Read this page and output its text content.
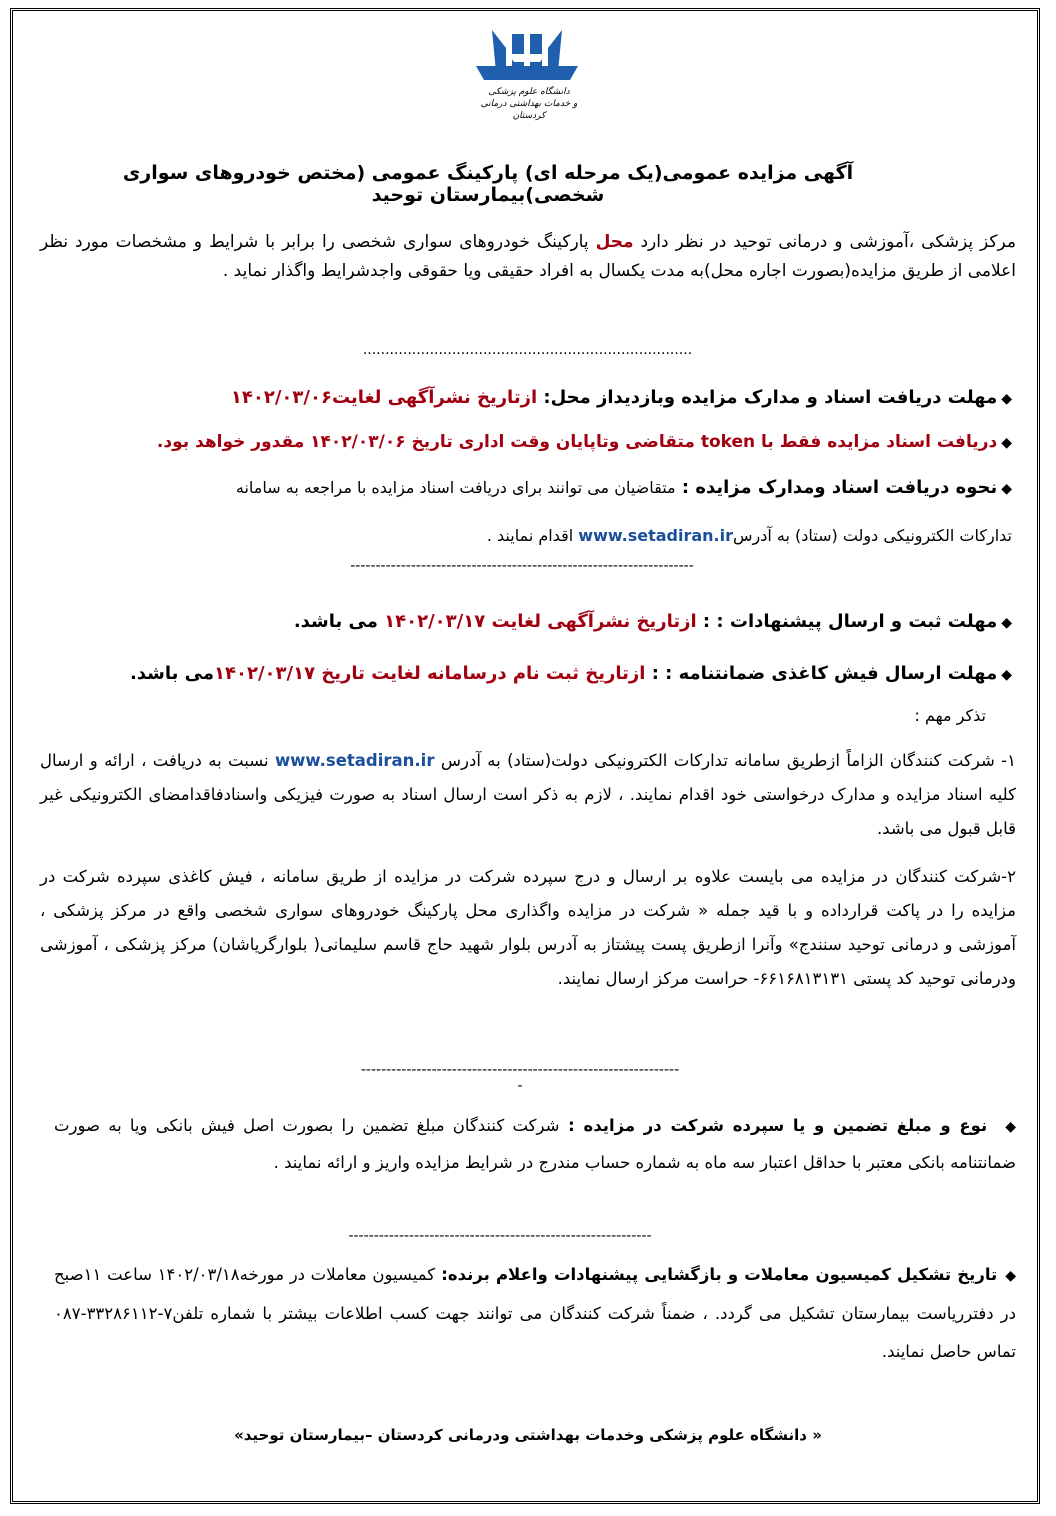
دانشگاه علوم پزشکی
و خدمات بهداشتی درمانی کردستان
آگهی مزایده عمومی(یک مرحله ای) پارکینگ عمومی (مختص خودروهای سواری شخصی)بیمارستان توحید
مرکز پزشکی ،آموزشی و درمانی توحید در نظر دارد محل پارکینگ خودروهای سواری شخصی را برابر با شرایط و مشخصات مورد نظر اعلامی از طریق مزایده(بصورت اجاره محل)به مدت یکسال به افراد حقیقی ویا حقوقی واجدشرایط واگذار نماید .
..........................................................................
◆مهلت دریافت اسناد و مدارک مزایده وبازدیداز محل: ازتاریخ نشرآگهی لغایت۱۴۰۲/۰۳/۰۶
◆دریافت اسناد مزایده فقط با token متقاضی وتاپایان وقت اداری تاریخ ۱۴۰۲/۰۳/۰۶ مقدور خواهد بود.
◆نحوه دریافت اسناد ومدارک مزایده : متقاضیان می توانند برای دریافت اسناد مزایده با مراجعه به سامانه
تدارکات الکترونیکی دولت (ستاد) به آدرسwww.setadiran.ir اقدام نمایند .
--------------------------------------------------------------------
◆مهلت ثبت و ارسال پیشنهادات : : ازتاریخ نشرآگهی لغایت ۱۴۰۲/۰۳/۱۷ می باشد.
◆مهلت ارسال فیش کاغذی ضمانتنامه : : ازتاریخ ثبت نام درسامانه لغایت تاریخ ۱۴۰۲/۰۳/۱۷می باشد.
تذکر مهم :
۱- شرکت کنندگان الزاماً ازطریق سامانه تدارکات الکترونیکی دولت(ستاد) به آدرس www.setadiran.ir نسبت به دریافت ، ارائه و ارسال کلیه اسناد مزایده و مدارک درخواستی خود اقدام نمایند. ، لازم به ذکر است ارسال اسناد به صورت فیزیکی واسنادفاقدامضای الکترونیکی غیر قابل قبول می باشد.
۲-شرکت کنندگان در مزایده می بایست علاوه بر ارسال و درج سپرده شرکت در مزایده از طریق سامانه ، فیش کاغذی سپرده شرکت در مزایده را در پاکت قرارداده و با قید جمله « شرکت در مزایده واگذاری محل پارکینگ خودروهای سواری شخصی واقع در مرکز پزشکی ، آموزشی و درمانی توحید سنندج» وآنرا ازطریق پست پیشتاز به آدرس بلوار شهید حاج قاسم سلیمانی( بلوارگریاشان) مرکز پزشکی ، آموزشی ودرمانی توحید کد پستی ۶۶۱۶۸۱۳۱۳۱- حراست مرکز ارسال نمایند.
----------------------------------------------------------------
◆نوع و مبلغ تضمین و یا سپرده شرکت در مزایده : شرکت کنندگان مبلغ تضمین را بصورت اصل فیش بانکی ویا به صورت ضمانتنامه بانکی معتبر با حداقل اعتبار سه ماه به شماره حساب مندرج در شرایط مزایده واریز و ارائه نمایند .
------------------------------------------------------------
◆تاریخ تشکیل کمیسیون معاملات و بازگشایی پیشنهادات واعلام برنده: کمیسیون معاملات در مورخه۱۴۰۲/۰۳/۱۸ ساعت ۱۱صبح در دفترریاست بیمارستان تشکیل می گردد. ، ضمناً شرکت کنندگان می توانند جهت کسب اطلاعات بیشتر با شماره تلفن۷-۳۳۲۸۶۱۱۲-۰۸۷ تماس حاصل نمایند.
« دانشگاه علوم پزشکی وخدمات بهداشتی ودرمانی کردستان –بیمارستان توحید»
